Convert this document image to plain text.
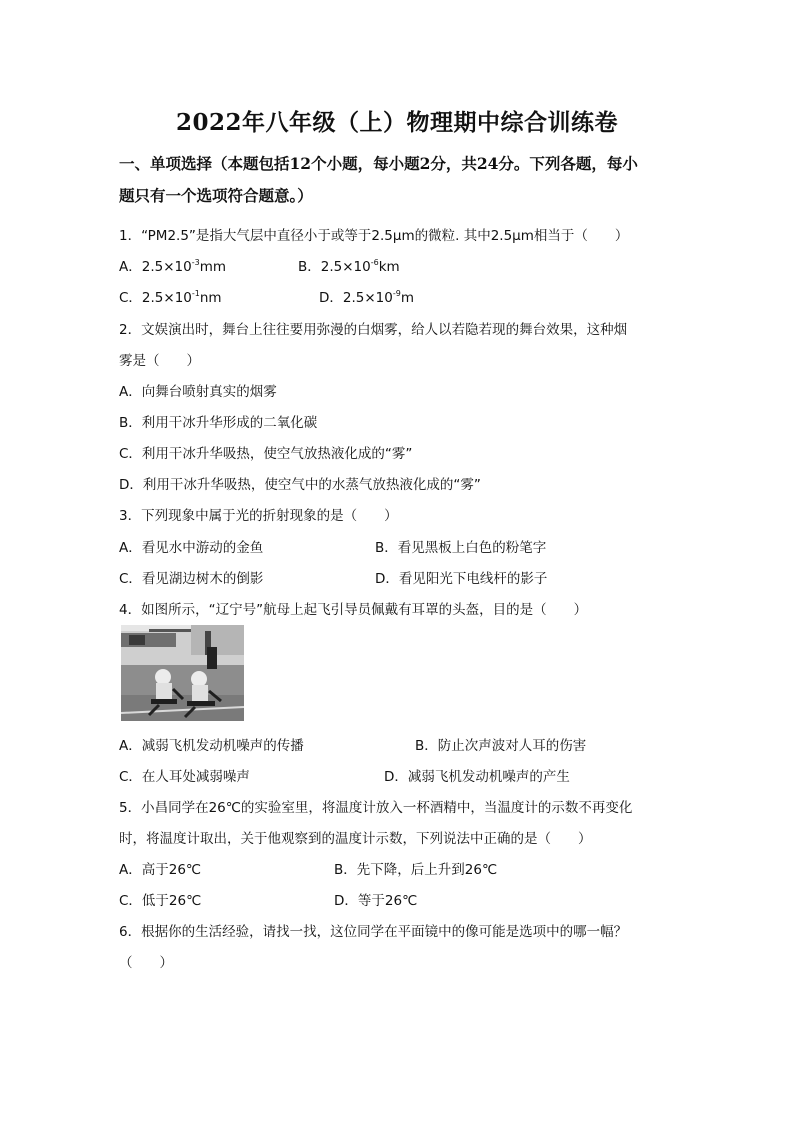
2022年八年级（上）物理期中综合训练卷
一、单项选择（本题包括12个小题，每小题2分，共24分。下列各题，每小
题只有一个选项符合题意。）
1．“PM2.5”是指大气层中直径小于或等于2.5μm的微粒. 其中2.5μm相当于（　　）
A．$2.5\times 10^{-3}mm$	B．$2.5\times 10^{-6}km$
C．$2.5\times 10^{-1}nm$	D．$2.5\times 10^{-9}m$
2．文娱演出时，舞台上往往要用弥漫的白烟雾，给人以若隐若现的舞台效果，这种烟
雾是（　　）
A．向舞台喷射真实的烟雾
B．利用干冰升华形成的二氧化碳
C．利用干冰升华吸热，使空气放热液化成的“雾”
D．利用干冰升华吸热，使空气中的水蒸气放热液化成的“雾”
3．下列现象中属于光的折射现象的是（　　）
A．看见水中游动的金鱼	B．看见黑板上白色的粉笔字
C．看见湖边树木的倒影	D．看见阳光下电线杆的影子
4．如图所示，“辽宁号”航母上起飞引导员佩戴有耳罩的头盔，目的是（　　）
A．减弱飞机发动机噪声的传播	B．防止次声波对人耳的伤害
C．在人耳处减弱噪声	D．减弱飞机发动机噪声的产生
5．小昌同学在26℃的实验室里，将温度计放入一杯酒精中，当温度计的示数不再变化
时，将温度计取出，关于他观察到的温度计示数，下列说法中正确的是（　　）
A．高于26℃	B．先下降，后上升到26℃
C．低于26℃	D．等于26℃
6．根据你的生活经验，请找一找，这位同学在平面镜中的像可能是选项中的哪一幅？
（　　）
